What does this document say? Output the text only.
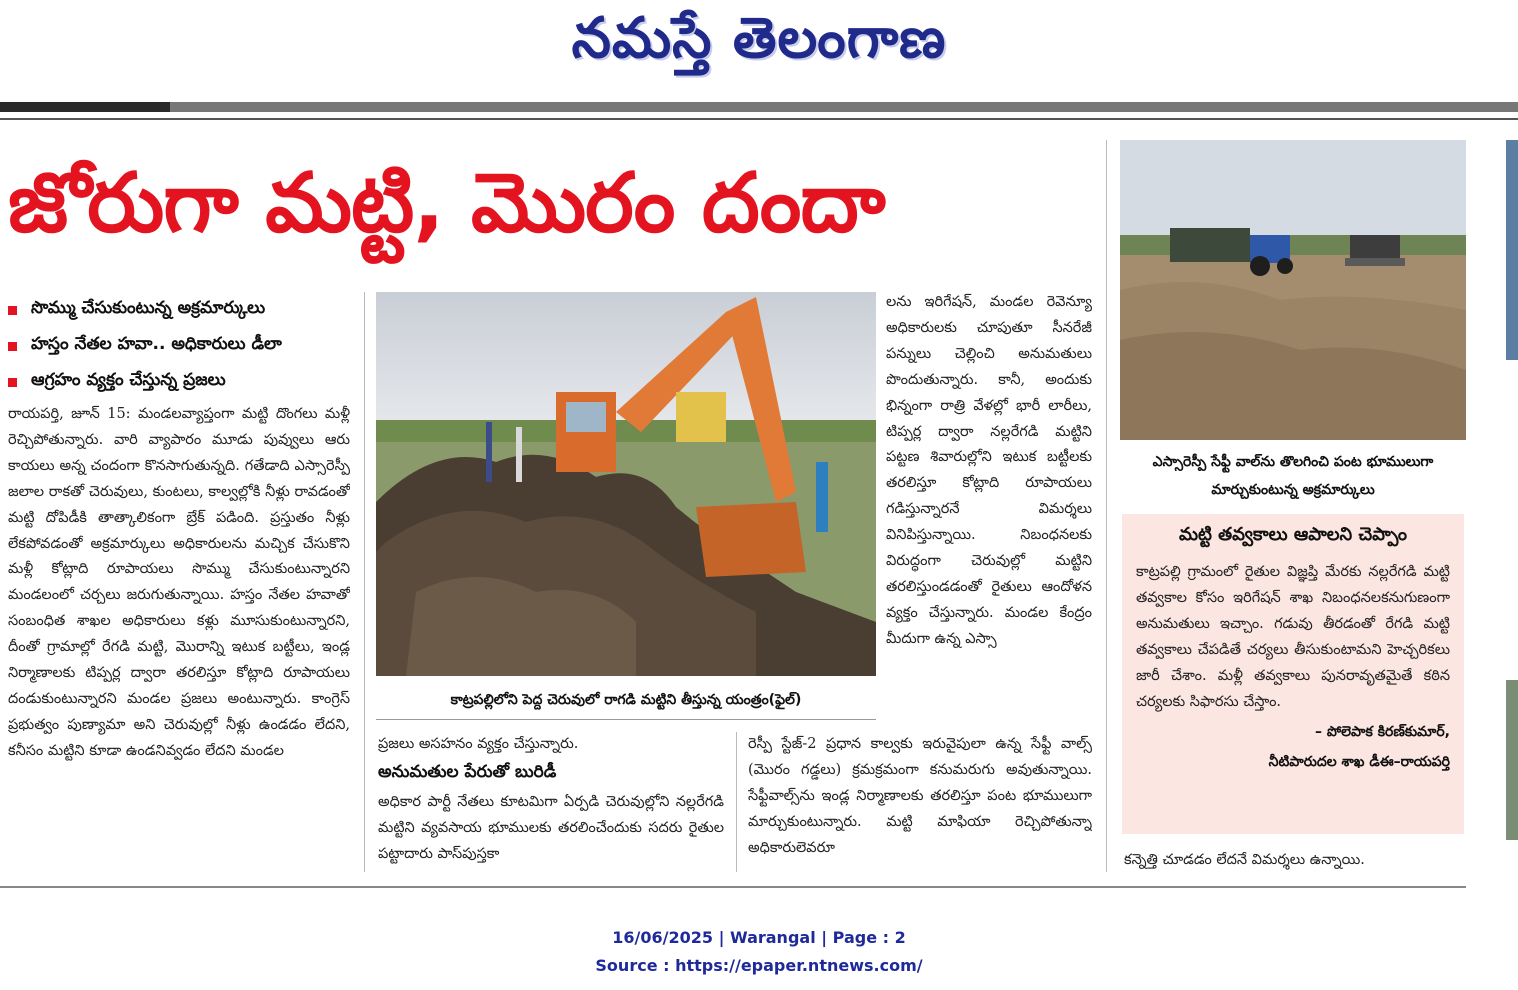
నమస్తే తెలంగాణ
జోరుగా మట్టి, మొరం దందా
సొమ్ము చేసుకుంటున్న అక్రమార్కులు
హస్తం నేతల హవా.. అధికారులు డీలా
ఆగ్రహం వ్యక్తం చేస్తున్న ప్రజలు
రాయపర్తి, జూన్ 15: మండలవ్యాప్తంగా మట్టి దొంగలు మళ్లీ రెచ్చిపోతున్నారు. వారి వ్యాపారం మూడు పువ్వులు ఆరు కాయలు అన్న చందంగా కొనసాగుతున్నది. గతేడాది ఎస్సారెస్పీ జలాల రాకతో చెరువులు, కుంటలు, కాల్వల్లోకి నీళ్లు రావడంతో మట్టి దోపిడీకి తాత్కాలికంగా బ్రేక్ పడింది. ప్రస్తుతం నీళ్లు లేకపోవడంతో అక్రమార్కులు అధికారులను మచ్చిక చేసుకొని మళ్లీ కోట్లాది రూపాయలు సొమ్ము చేసుకుంటున్నారని మండలంలో చర్చలు జరుగుతున్నాయి. హస్తం నేతల హవాతో సంబంధిత శాఖల అధికారులు కళ్లు మూసుకుంటున్నారని, దీంతో గ్రామాల్లో రేగడి మట్టి, మొరాన్ని ఇటుక బట్టీలు, ఇండ్ల నిర్మాణాలకు టిప్పర్ల ద్వారా తరలిస్తూ కోట్లాది రూపాయలు దండుకుంటున్నారని మండల ప్రజలు అంటున్నారు. కాంగ్రెస్ ప్రభుత్వం పుణ్యామా అని చెరువుల్లో నీళ్లు ఉండడం లేదని, కనీసం మట్టిని కూడా ఉండనివ్వడం లేదని మండల
కాట్రపల్లిలోని పెద్ద చెరువులో రాగడి మట్టిని తీస్తున్న యంత్రం(ఫైల్)
ప్రజలు అసహనం వ్యక్తం చేస్తున్నారు.
అనుమతుల పేరుతో బురిడీ
అధికార పార్టీ నేతలు కూటమిగా ఏర్పడి చెరువుల్లోని నల్లరేగడి మట్టిని వ్యవసాయ భూములకు తరలించేందుకు సదరు రైతుల పట్టాదారు పాస్‌పుస్తకా
లను ఇరిగేషన్, మండల రెవెన్యూ అధికారులకు చూపుతూ సీనరేజీ పన్నులు చెల్లించి అనుమతులు పొందుతున్నారు. కానీ, అందుకు భిన్నంగా రాత్రి వేళల్లో భారీ లారీలు, టిప్పర్ల ద్వారా నల్లరేగడి మట్టిని పట్టణ శివారుల్లోని ఇటుక బట్టీలకు తరలిస్తూ కోట్లాది రూపాయలు గడిస్తున్నారనే విమర్శలు వినిపిస్తున్నాయి. నిబంధనలకు విరుద్ధంగా చెరువుల్లో మట్టిని తరలిస్తుండడంతో రైతులు ఆందోళన వ్యక్తం చేస్తున్నారు. మండల కేంద్రం మీదుగా ఉన్న ఎస్సా
రెస్పీ స్టేజ్-2 ప్రధాన కాల్వకు ఇరువైపులా ఉన్న సేఫ్టీ వాల్స్ (మొరం గడ్డలు) క్రమక్రమంగా కనుమరుగు అవుతున్నాయి. సేఫ్టీవాల్స్‌ను ఇండ్ల నిర్మాణాలకు తరలిస్తూ పంట భూములుగా మార్చుకుంటున్నారు. మట్టి మాఫియా రెచ్చిపోతున్నా అధికారులెవరూ
ఎస్సారెస్పీ సేఫ్టీ వాల్‌ను తొలగించి పంట భూములుగా మార్చుకుంటున్న అక్రమార్కులు
మట్టి తవ్వకాలు ఆపాలని చెప్పాం
కాట్రపల్లి గ్రామంలో రైతుల విజ్ఞప్తి మేరకు నల్లరేగడి మట్టి తవ్వకాల కోసం ఇరిగేషన్ శాఖ నిబంధనలకనుగుణంగా అనుమతులు ఇచ్చాం. గడువు తీరడంతో రేగడి మట్టి తవ్వకాలు చేపడితే చర్యలు తీసుకుంటామని హెచ్చరికలు జారీ చేశాం. మళ్లీ తవ్వకాలు పునరావృతమైతే కఠిన చర్యలకు సిఫారసు చేస్తాం.
– పోలెపాక కిరణ్‌కుమార్,
నీటిపారుదల శాఖ డీఈ–రాయపర్తి
కన్నెత్తి చూడడం లేదనే విమర్శలు ఉన్నాయి.
16/06/2025 | Warangal | Page : 2
Source : https://epaper.ntnews.com/
